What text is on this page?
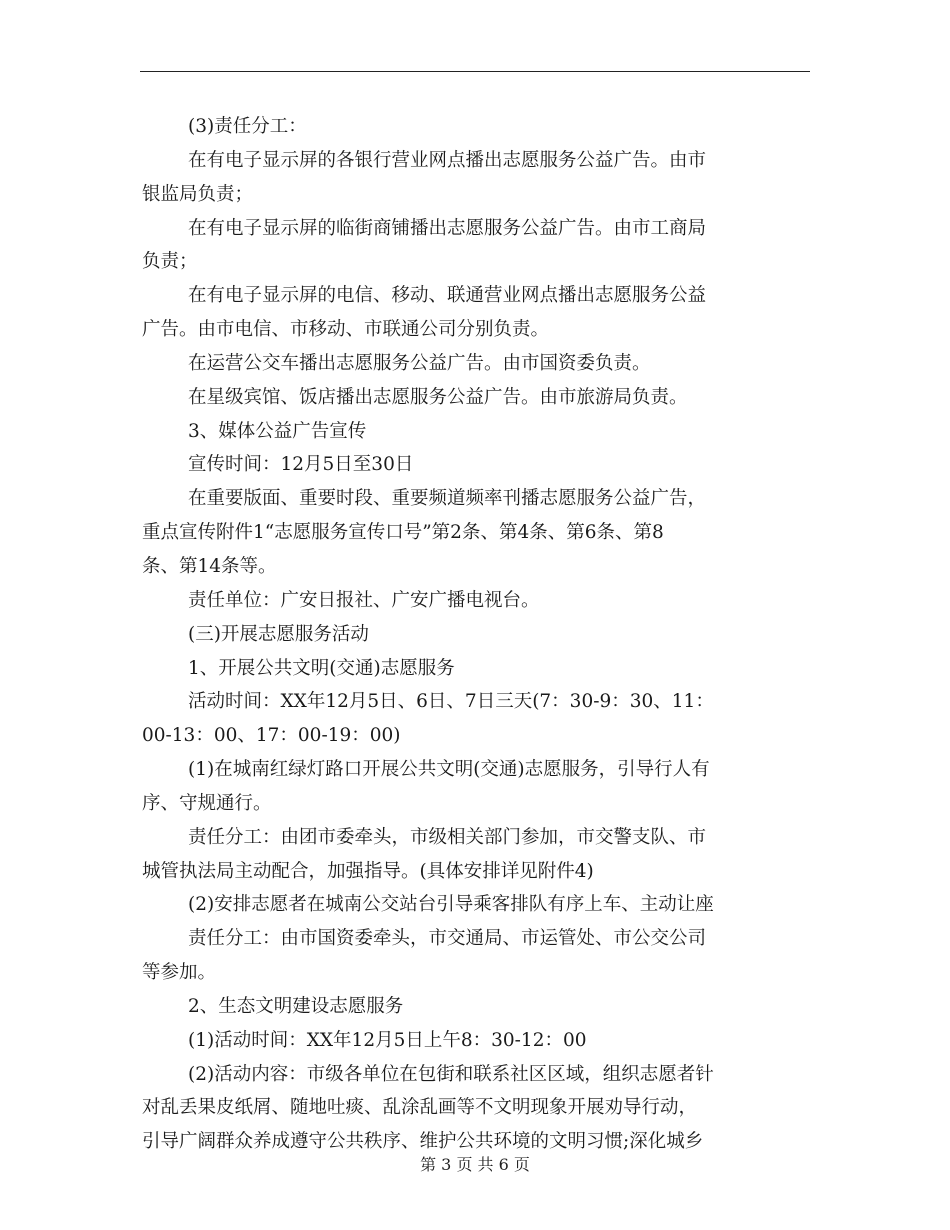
(3)责任分工：
在有电子显示屏的各银行营业网点播出志愿服务公益广告。由市
银监局负责；
在有电子显示屏的临街商铺播出志愿服务公益广告。由市工商局
负责；
在有电子显示屏的电信、移动、联通营业网点播出志愿服务公益
广告。由市电信、市移动、市联通公司分别负责。
在运营公交车播出志愿服务公益广告。由市国资委负责。
在星级宾馆、饭店播出志愿服务公益广告。由市旅游局负责。
3、媒体公益广告宣传
宣传时间：12月5日至30日
在重要版面、重要时段、重要频道频率刊播志愿服务公益广告，
重点宣传附件1“志愿服务宣传口号”第2条、第4条、第6条、第8
条、第14条等。
责任单位：广安日报社、广安广播电视台。
(三)开展志愿服务活动
1、开展公共文明(交通)志愿服务
活动时间：XX年12月5日、6日、7日三天(7：30-9：30、11：
00-13：00、17：00-19：00)
(1)在城南红绿灯路口开展公共文明(交通)志愿服务，引导行人有
序、守规通行。
责任分工：由团市委牵头，市级相关部门参加，市交警支队、市
城管执法局主动配合，加强指导。(具体安排详见附件4)
(2)安排志愿者在城南公交站台引导乘客排队有序上车、主动让座
责任分工：由市国资委牵头，市交通局、市运管处、市公交公司
等参加。
2、生态文明建设志愿服务
(1)活动时间：XX年12月5日上午8：30-12：00
(2)活动内容：市级各单位在包街和联系社区区域，组织志愿者针
对乱丢果皮纸屑、随地吐痰、乱涂乱画等不文明现象开展劝导行动，
引导广阔群众养成遵守公共秩序、维护公共环境的文明习惯;深化城乡
第 3 页 共 6 页
